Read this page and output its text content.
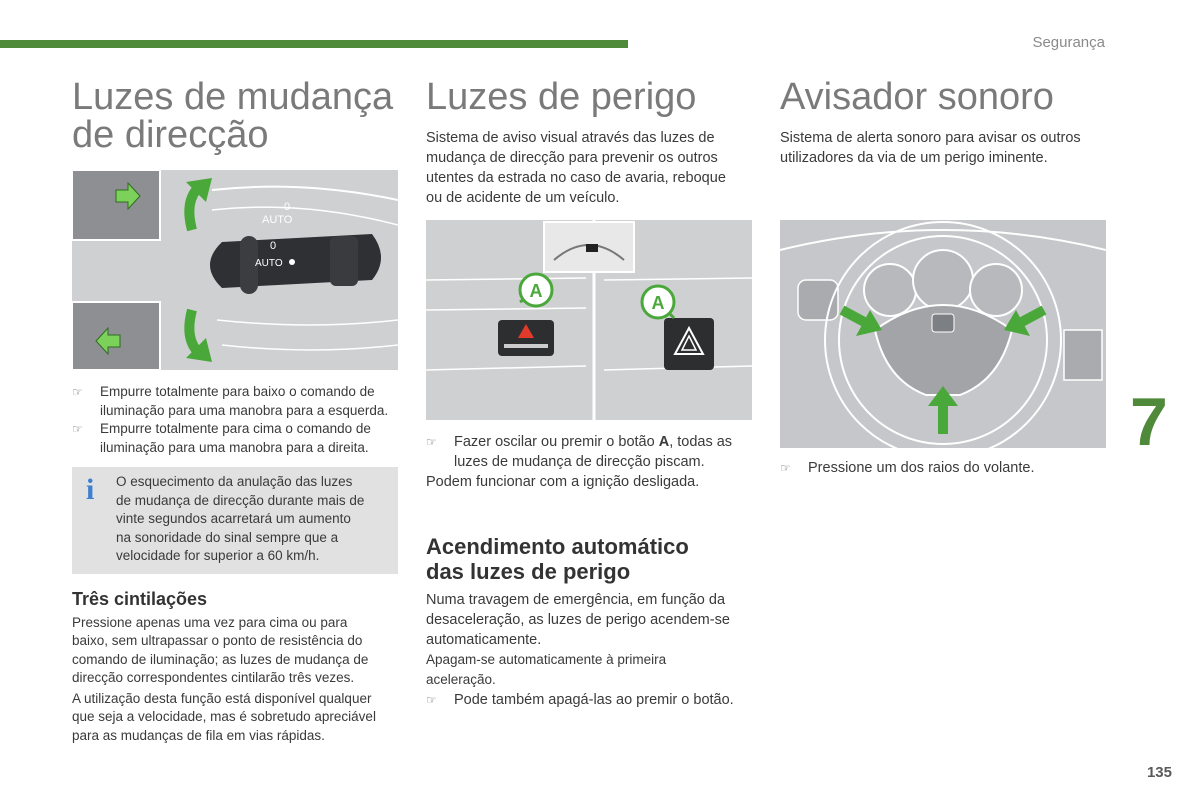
Segurança
Luzes de mudança
de direcção
AUTO
0
0
AUTO
☞ Empurre totalmente para baixo o comando de
iluminação para uma manobra para a esquerda.
☞ Empurre totalmente para cima o comando de
iluminação para uma manobra para a direita.
i O esquecimento da anulação das luzes
de mudança de direcção durante mais de
vinte segundos acarretará um aumento
na sonoridade do sinal sempre que a
velocidade for superior a 60 km/h.
Três cintilações
Pressione apenas uma vez para cima ou para
baixo, sem ultrapassar o ponto de resistência do
comando de iluminação; as luzes de mudança de
direcção correspondentes cintilarão três vezes.
A utilização desta função está disponível qualquer
que seja a velocidade, mas é sobretudo apreciável
para as mudanças de fila em vias rápidas.
Luzes de perigo
Sistema de aviso visual através das luzes de
mudança de direcção para prevenir os outros
utentes da estrada no caso de avaria, reboque
ou de acidente de um veículo.
A
A
☞ Fazer oscilar ou premir o botão A, todas as
luzes de mudança de direcção piscam.
Podem funcionar com a ignição desligada.
Acendimento automático
das luzes de perigo
Numa travagem de emergência, em função da
desaceleração, as luzes de perigo acendem-se
automaticamente.
Apagam-se automaticamente à primeira
aceleração.
☞ Pode também apagá-las ao premir o botão.
Avisador sonoro
Sistema de alerta sonoro para avisar os outros
utilizadores da via de um perigo iminente.
☞ Pressione um dos raios do volante.
7
135
